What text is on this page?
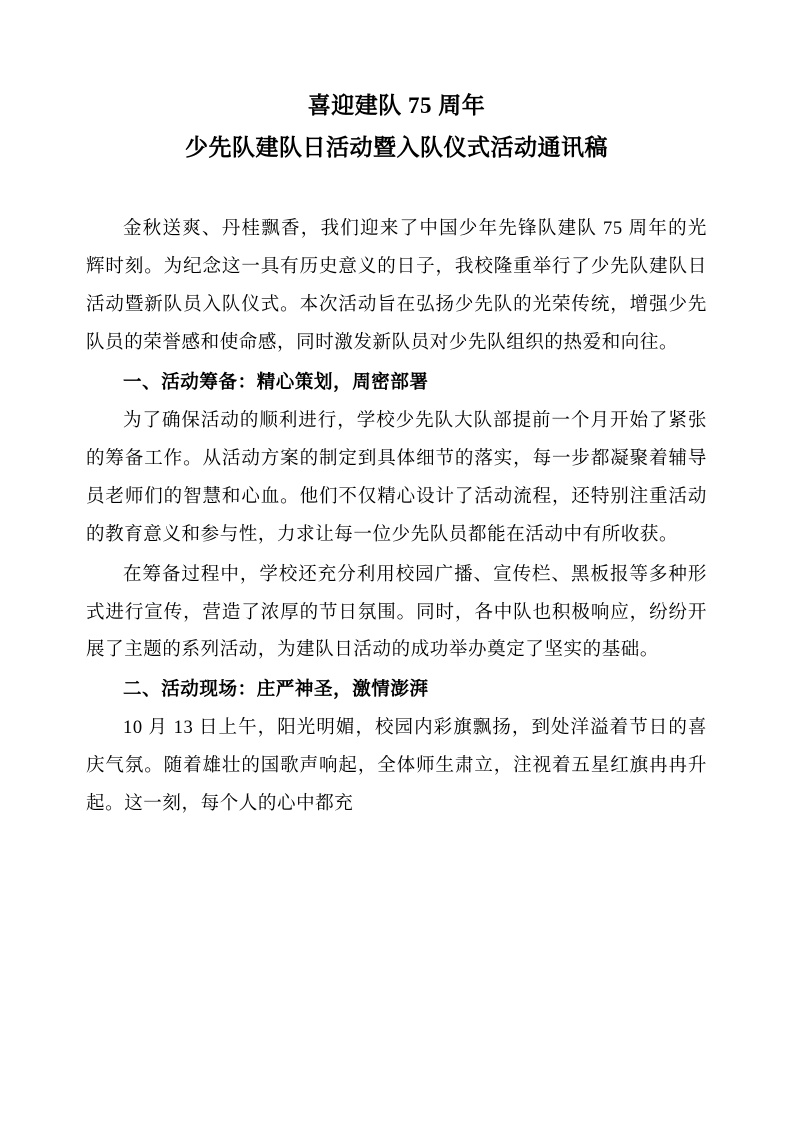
喜迎建队 75 周年
少先队建队日活动暨入队仪式活动通讯稿

金秋送爽、丹桂飘香，我们迎来了中国少年先锋队建队 75 周年的光辉时刻。为纪念这一具有历史意义的日子，我校隆重举行了少先队建队日活动暨新队员入队仪式。本次活动旨在弘扬少先队的光荣传统，增强少先队员的荣誉感和使命感，同时激发新队员对少先队组织的热爱和向往。

一、活动筹备：精心策划，周密部署

为了确保活动的顺利进行，学校少先队大队部提前一个月开始了紧张的筹备工作。从活动方案的制定到具体细节的落实，每一步都凝聚着辅导员老师们的智慧和心血。他们不仅精心设计了活动流程，还特别注重活动的教育意义和参与性，力求让每一位少先队员都能在活动中有所收获。

在筹备过程中，学校还充分利用校园广播、宣传栏、黑板报等多种形式进行宣传，营造了浓厚的节日氛围。同时，各中队也积极响应，纷纷开展了主题的系列活动，为建队日活动的成功举办奠定了坚实的基础。

二、活动现场：庄严神圣，激情澎湃

10 月 13 日上午，阳光明媚，校园内彩旗飘扬，到处洋溢着节日的喜庆气氛。随着雄壮的国歌声响起，全体师生肃立，注视着五星红旗冉冉升起。这一刻，每个人的心中都充
